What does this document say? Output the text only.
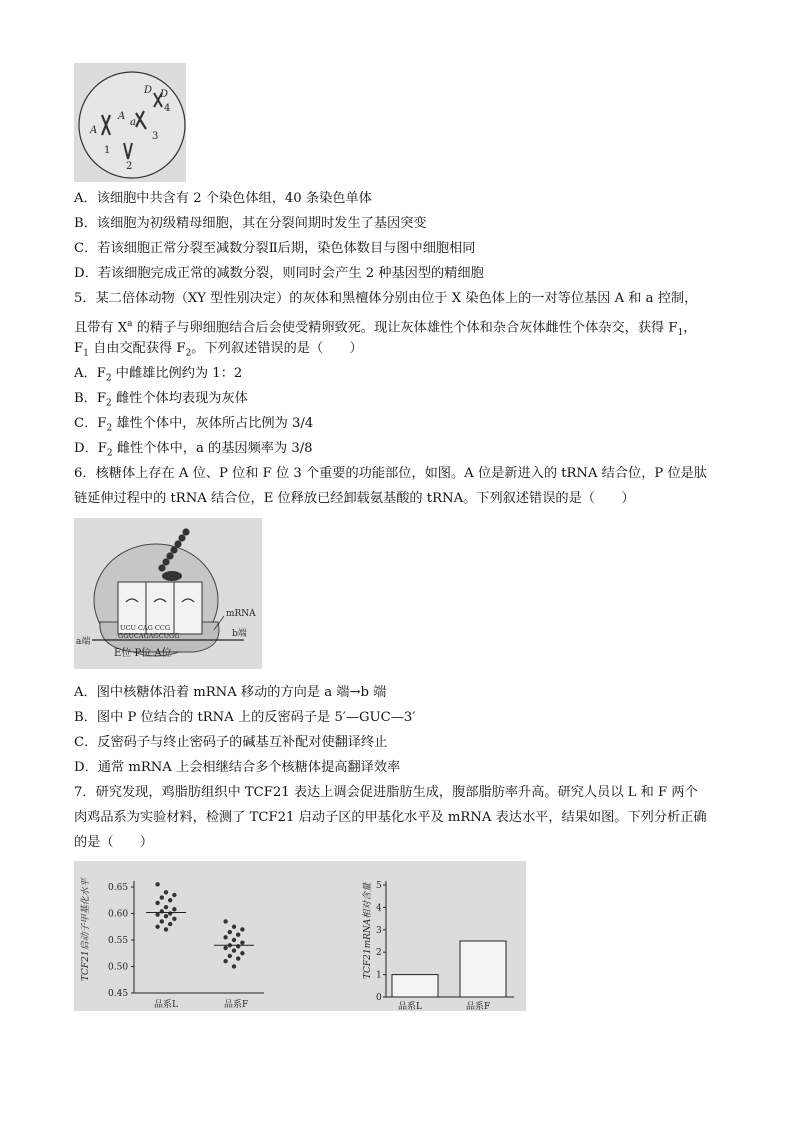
A
A
a
D D
1
2
3
4
A．该细胞中共含有 2 个染色体组，40 条染色单体
B．该细胞为初级精母细胞，其在分裂间期时发生了基因突变
C．若该细胞正常分裂至减数分裂Ⅱ后期，染色体数目与图中细胞相同
D．若该细胞完成正常的减数分裂，则同时会产生 2 种基因型的精细胞
5．某二倍体动物（XY 型性别决定）的灰体和黑檀体分别由位于 X 染色体上的一对等位基因 A 和 a 控制，
且带有 $X^a$ 的精子与卵细胞结合后会使受精卵致死。现让灰体雄性个体和杂合灰体雌性个体杂交，获得 $F_1$，
$F_1$ 自由交配获得 $F_2$。下列叙述错误的是（　　）
A．$F_2$ 中雌雄比例约为 1：2
B．$F_2$ 雌性个体均表现为灰体
C．$F_2$ 雄性个体中，灰体所占比例为 3/4
D．$F_2$ 雌性个体中，a 的基因频率为 3/8
6．核糖体上存在 A 位、P 位和 F 位 3 个重要的功能部位，如图。A 位是新进入的 tRNA 结合位，P 位是肽
链延伸过程中的 tRNA 结合位，E 位释放已经卸载氨基酸的 tRNA。下列叙述错误的是（　　）
UCU CAG CCG
GGUCAGAGCUGG
mRNA
a端
b端
E位 P位 A位
A．图中核糖体沿着 mRNA 移动的方向是 a 端→b 端
B．图中 P 位结合的 tRNA 上的反密码子是 5′—GUC—3′
C．反密码子与终止密码子的碱基互补配对使翻译终止
D．通常 mRNA 上会相继结合多个核糖体提高翻译效率
7．研究发现，鸡脂肪组织中 TCF21 表达上调会促进脂肪生成，腹部脂肪率升高。研究人员以 L 和 F 两个
肉鸡品系为实验材料，检测了 TCF21 启动子区的甲基化水平及 mRNA 表达水平，结果如图。下列分析正确
的是（　　）
TCF21启动子甲基化水平
0.45
0.50
0.55
0.60
0.65
品系L	品系F
TCF21mRNA相对含量
0
1
2
3
4
5
品系L	品系F
